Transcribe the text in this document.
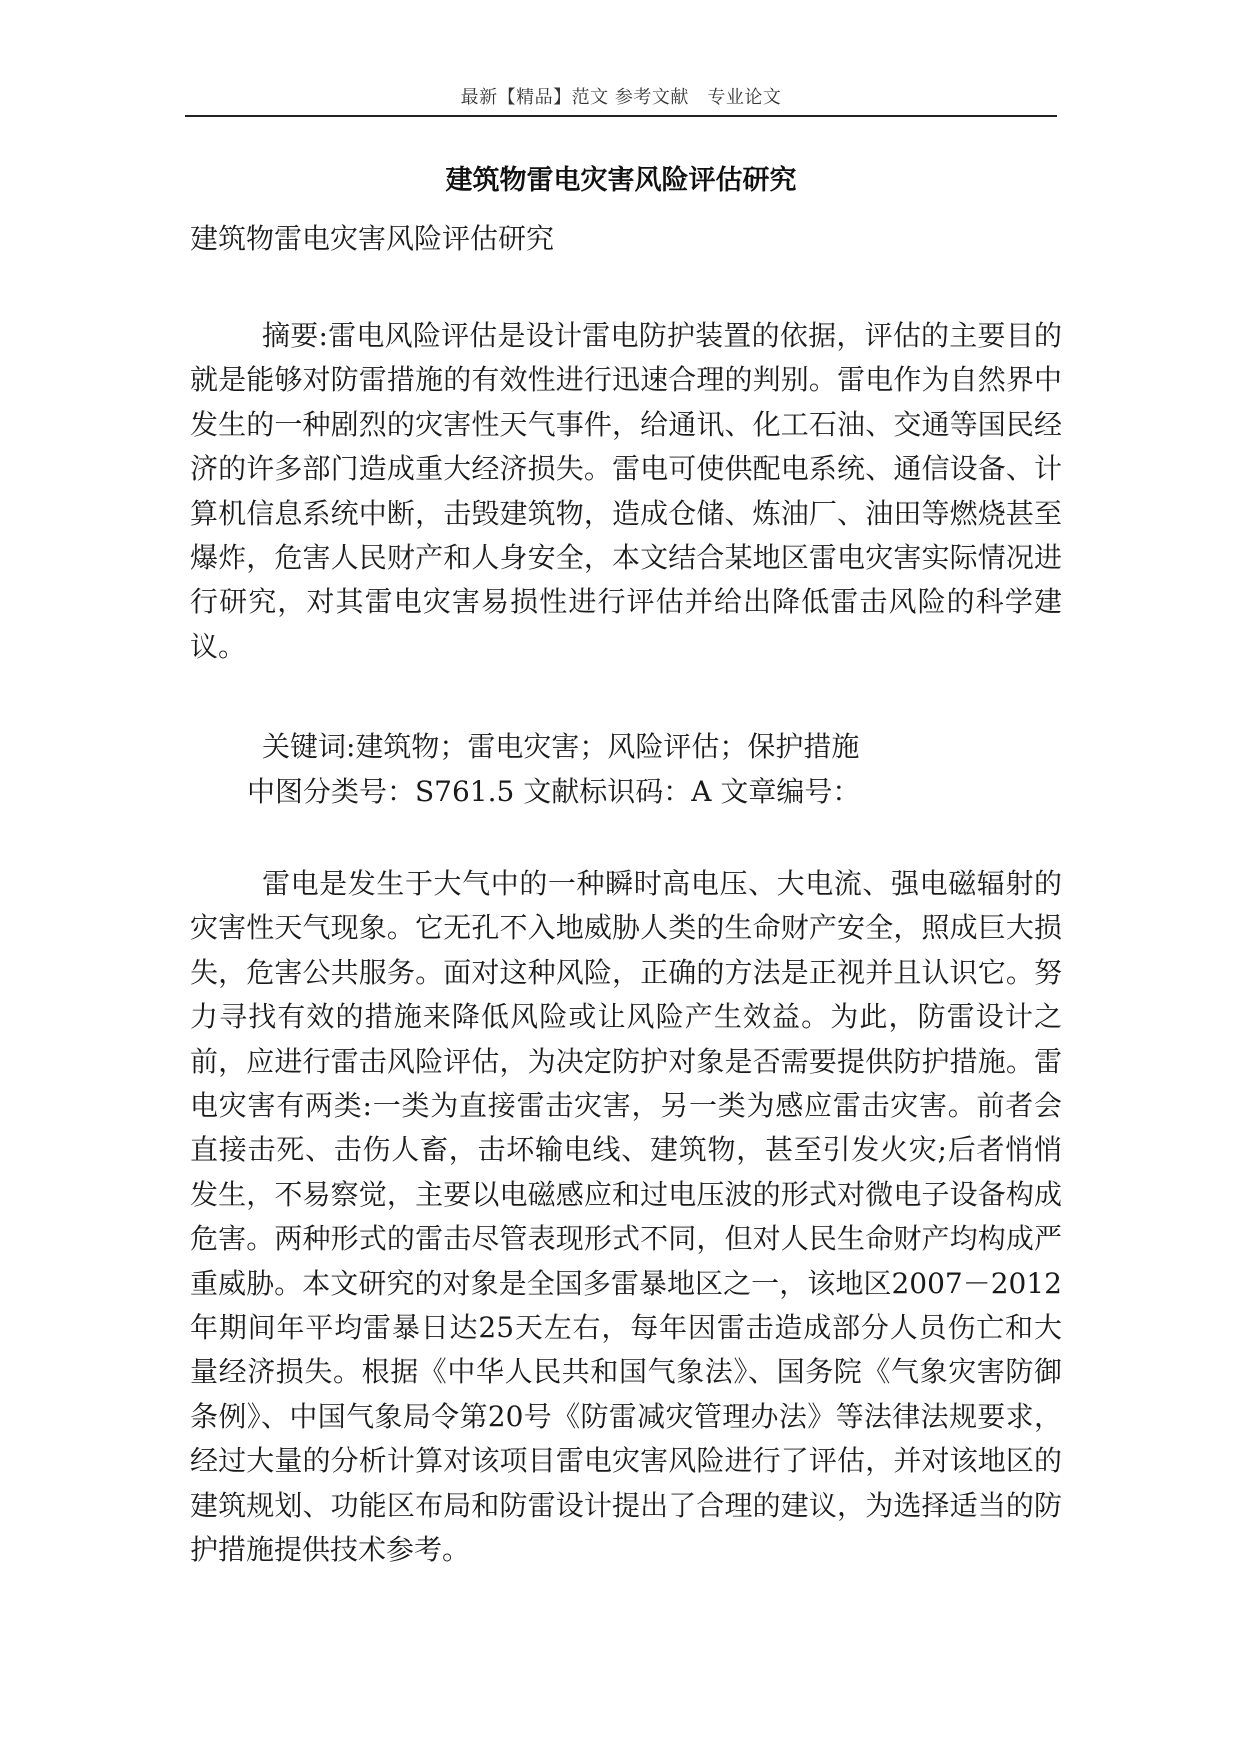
最新【精品】范文 参考文献　专业论文
建筑物雷电灾害风险评估研究
建筑物雷电灾害风险评估研究

摘要:雷电风险评估是设计雷电防护装置的依据，评估的主要目的就是能够对防雷措施的有效性进行迅速合理的判别。雷电作为自然界中发生的一种剧烈的灾害性天气事件，给通讯、化工石油、交通等国民经济的许多部门造成重大经济损失。雷电可使供配电系统、通信设备、计算机信息系统中断，击毁建筑物，造成仓储、炼油厂、油田等燃烧甚至爆炸，危害人民财产和人身安全，本文结合某地区雷电灾害实际情况进行研究，对其雷电灾害易损性进行评估并给出降低雷击风险的科学建议。

关键词:建筑物；雷电灾害；风险评估；保护措施
中图分类号：S761.5 文献标识码：A 文章编号：

雷电是发生于大气中的一种瞬时高电压、大电流、强电磁辐射的灾害性天气现象。它无孔不入地威胁人类的生命财产安全，照成巨大损失，危害公共服务。面对这种风险，正确的方法是正视并且认识它。努力寻找有效的措施来降低风险或让风险产生效益。为此，防雷设计之前，应进行雷击风险评估，为决定防护对象是否需要提供防护措施。雷电灾害有两类:一类为直接雷击灾害，另一类为感应雷击灾害。前者会直接击死、击伤人畜，击坏输电线、建筑物，甚至引发火灾;后者悄悄发生，不易察觉，主要以电磁感应和过电压波的形式对微电子设备构成危害。两种形式的雷击尽管表现形式不同，但对人民生命财产均构成严重威胁。本文研究的对象是全国多雷暴地区之一，该地区2007－2012年期间年平均雷暴日达25天左右，每年因雷击造成部分人员伤亡和大量经济损失。根据《中华人民共和国气象法》、国务院《气象灾害防御条例》、中国气象局令第20号《防雷减灾管理办法》等法律法规要求，经过大量的分析计算对该项目雷电灾害风险进行了评估，并对该地区的建筑规划、功能区布局和防雷设计提出了合理的建议，为选择适当的防护措施提供技术参考。
